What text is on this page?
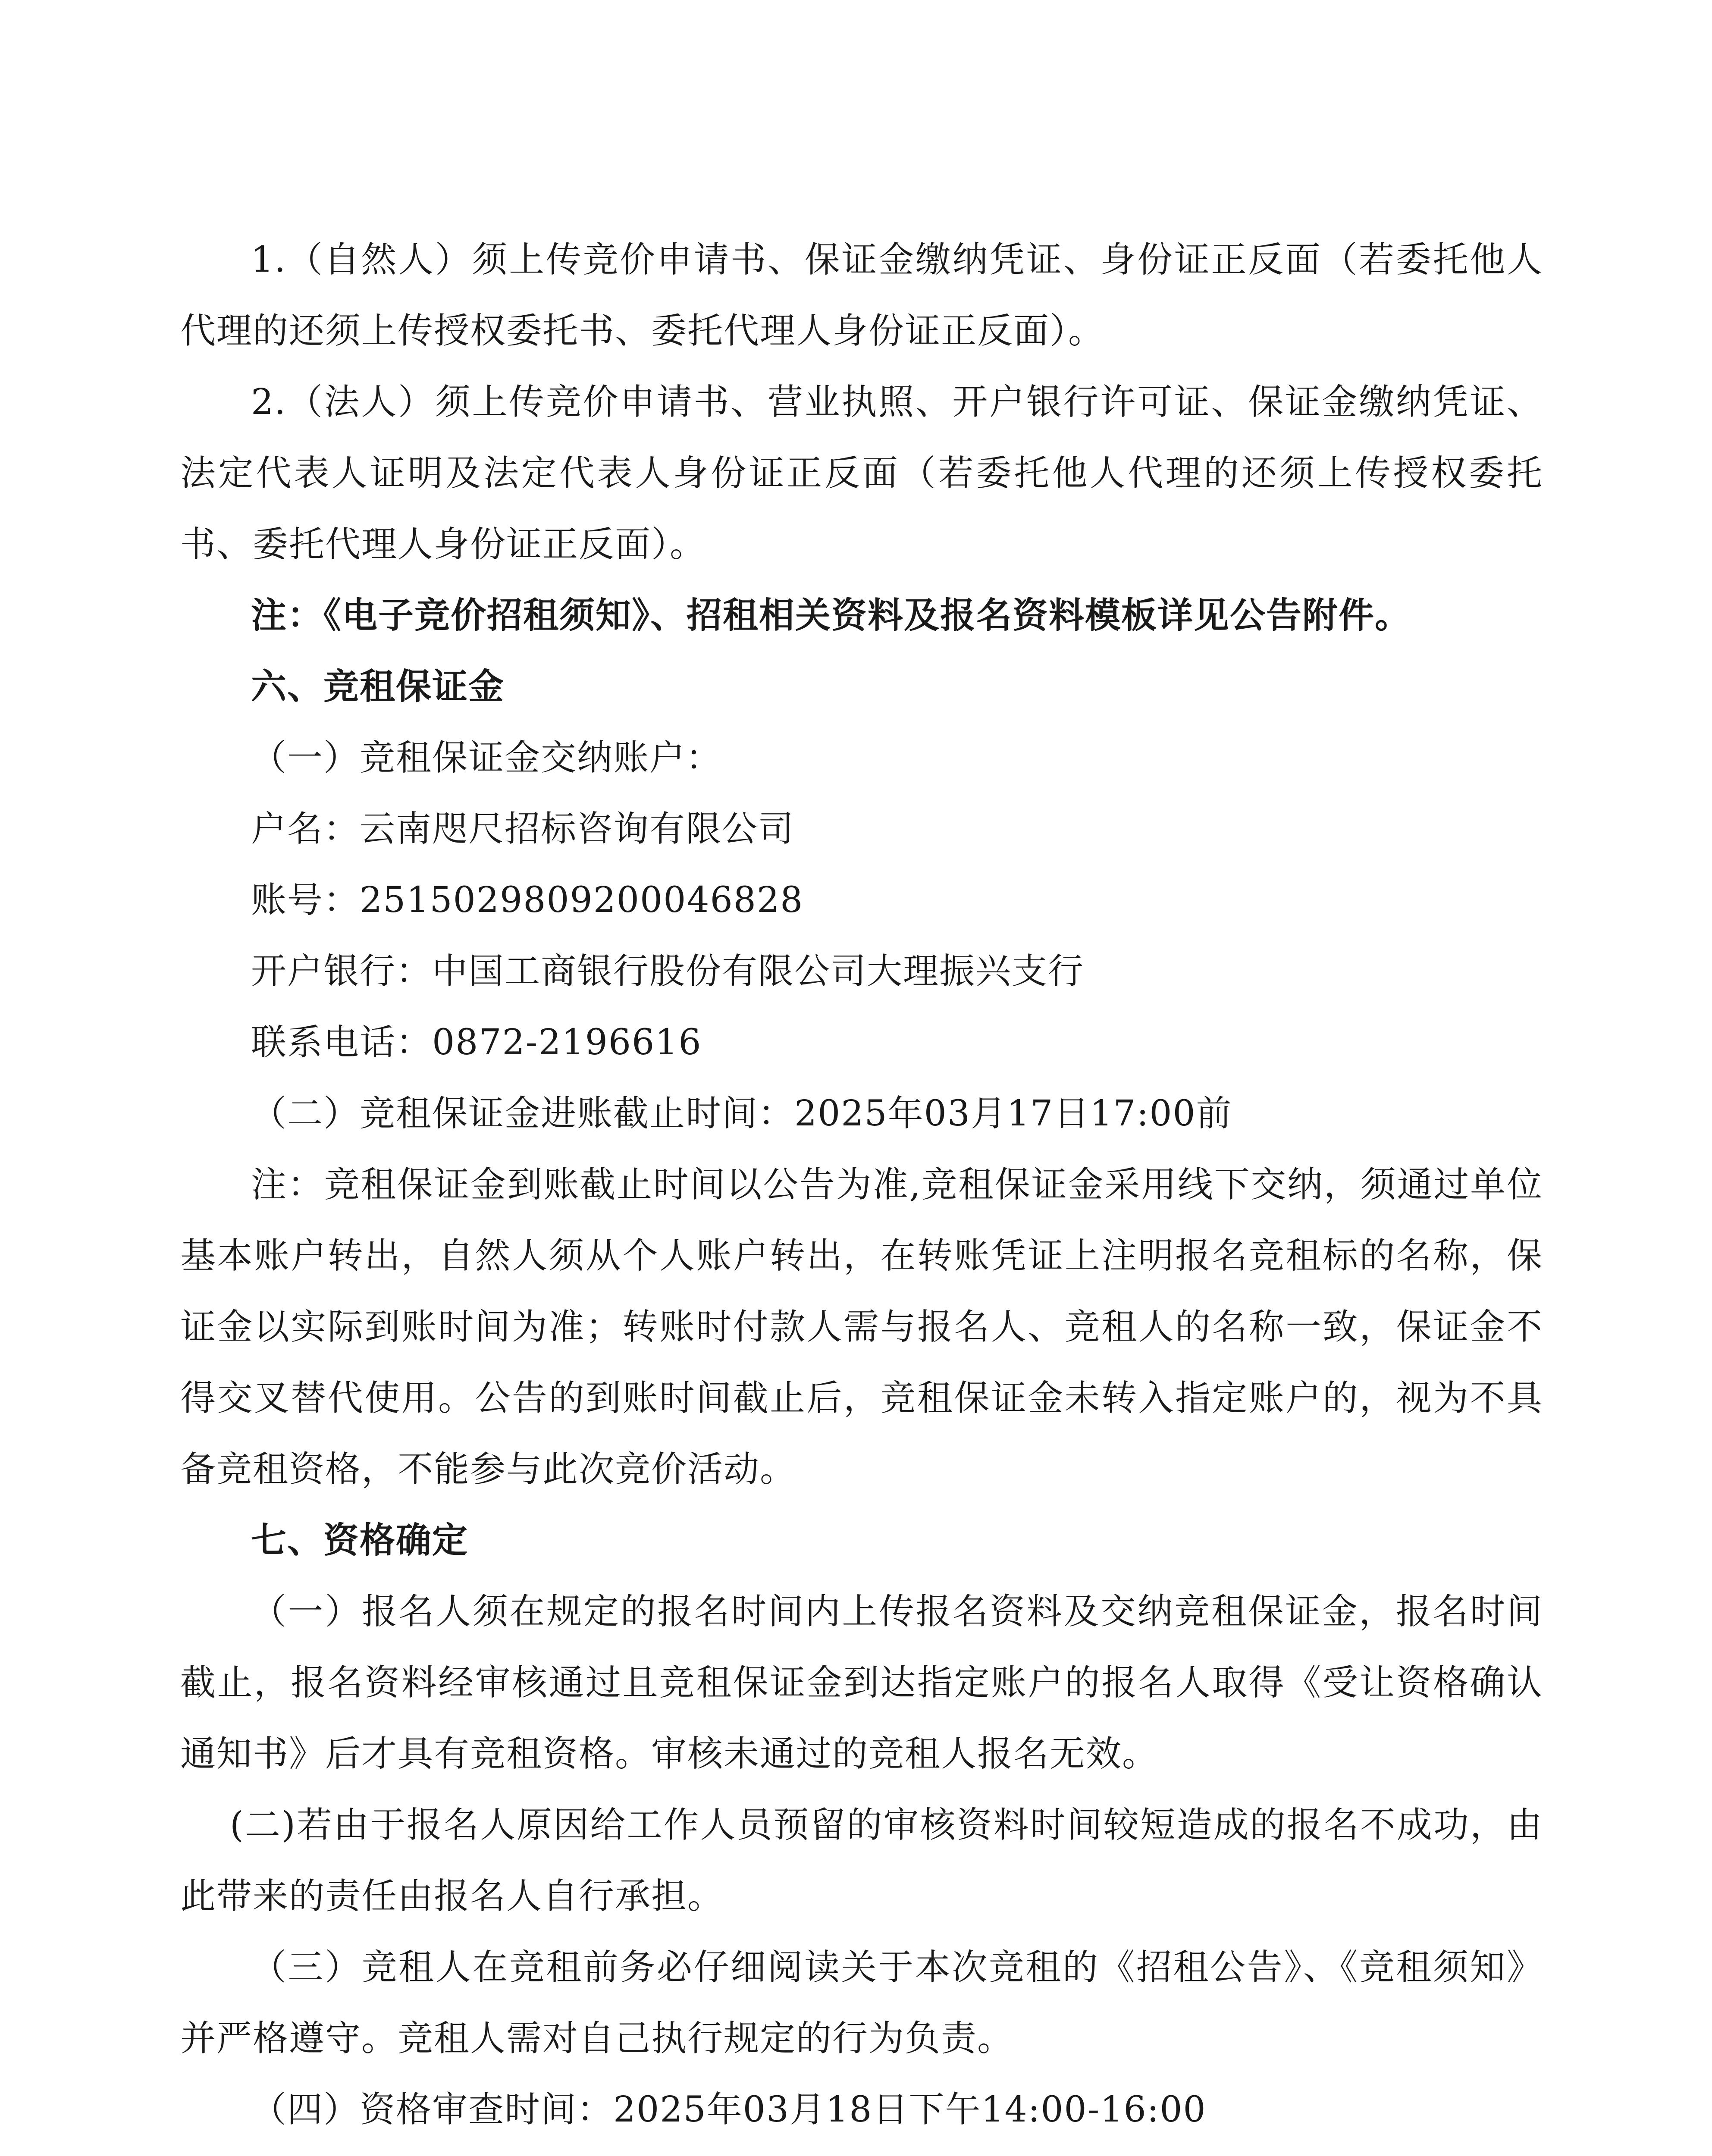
1.（自然人）须上传竞价申请书、保证金缴纳凭证、身份证正反面（若委托他人代理的还须上传授权委托书、委托代理人身份证正反面）。

2.（法人）须上传竞价申请书、营业执照、开户银行许可证、保证金缴纳凭证、法定代表人证明及法定代表人身份证正反面（若委托他人代理的还须上传授权委托书、委托代理人身份证正反面）。

注：《电子竞价招租须知》、招租相关资料及报名资料模板详见公告附件。

六、竞租保证金

（一）竞租保证金交纳账户：

户名：云南咫尺招标咨询有限公司

账号：2515029809200046828

开户银行：中国工商银行股份有限公司大理振兴支行

联系电话：0872-2196616

（二）竞租保证金进账截止时间：2025年03月17日17:00前

注：竞租保证金到账截止时间以公告为准,竞租保证金采用线下交纳，须通过单位基本账户转出，自然人须从个人账户转出，在转账凭证上注明报名竞租标的名称，保证金以实际到账时间为准；转账时付款人需与报名人、竞租人的名称一致，保证金不得交叉替代使用。公告的到账时间截止后，竞租保证金未转入指定账户的，视为不具备竞租资格，不能参与此次竞价活动。

七、资格确定

（一）报名人须在规定的报名时间内上传报名资料及交纳竞租保证金，报名时间截止，报名资料经审核通过且竞租保证金到达指定账户的报名人取得《受让资格确认通知书》后才具有竞租资格。审核未通过的竞租人报名无效。

(二)若由于报名人原因给工作人员预留的审核资料时间较短造成的报名不成功，由此带来的责任由报名人自行承担。

（三）竞租人在竞租前务必仔细阅读关于本次竞租的《招租公告》、《竞租须知》并严格遵守。竞租人需对自己执行规定的行为负责。

（四）资格审查时间：2025年03月18日下午14:00-16:00
